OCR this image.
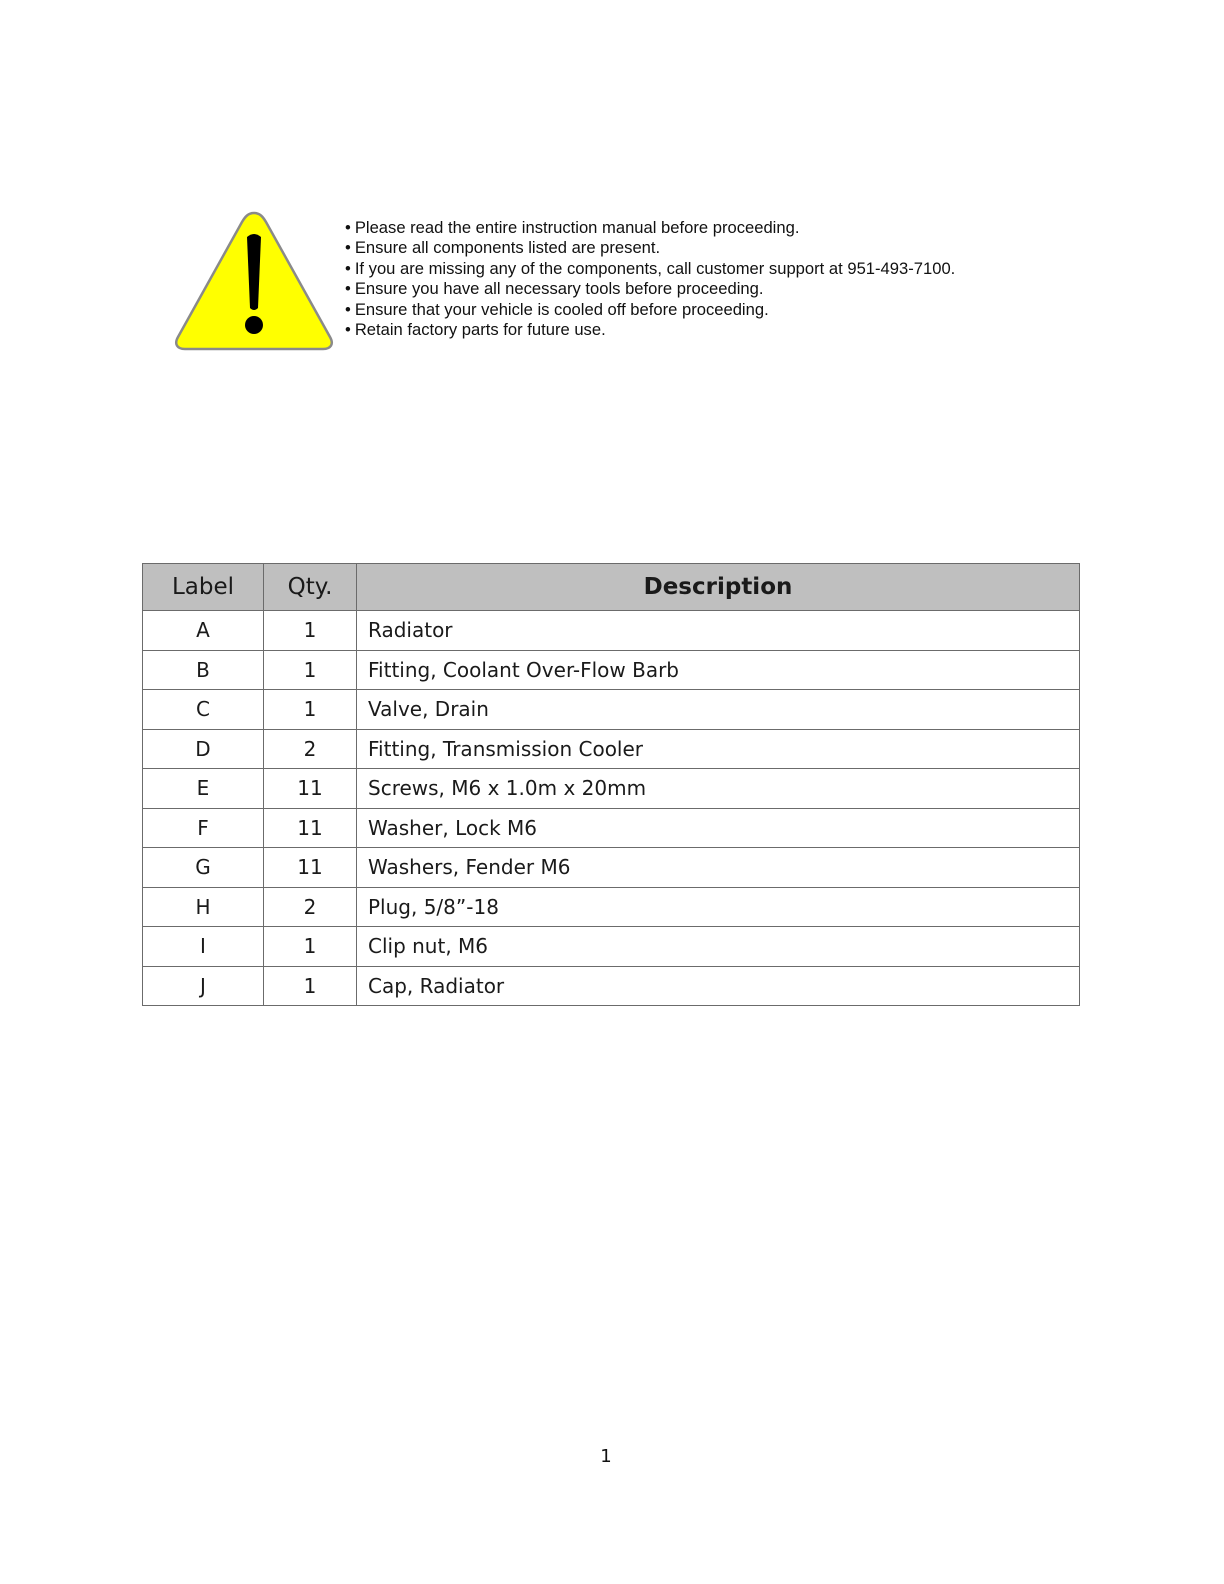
• Please read the entire instruction manual before proceeding.
• Ensure all components listed are present.
• If you are missing any of the components, call customer support at 951-493-7100.
• Ensure you have all necessary tools before proceeding.
• Ensure that your vehicle is cooled off before proceeding.
• Retain factory parts for future use.
Label	Qty.	Description
A	1	Radiator
B	1	Fitting, Coolant Over-Flow Barb
C	1	Valve, Drain
D	2	Fitting, Transmission Cooler
E	11	Screws, M6 x 1.0m x 20mm
F	11	Washer, Lock M6
G	11	Washers, Fender M6
H	2	Plug, 5/8”-18
I	1	Clip nut, M6
J	1	Cap, Radiator
1
